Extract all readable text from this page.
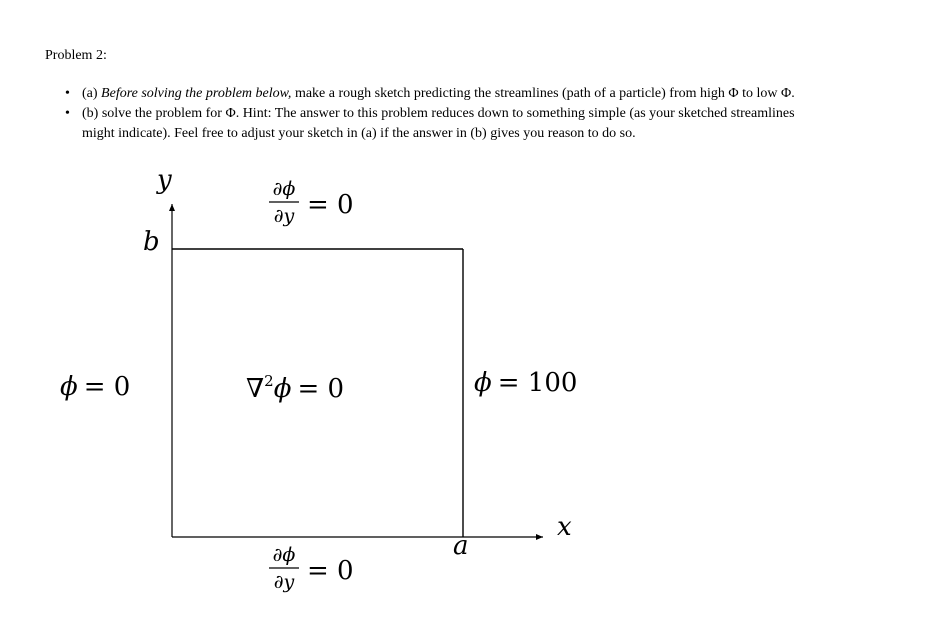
Problem 2:
• (a) Before solving the problem below, make a rough sketch predicting the streamlines (path of a particle) from high Φ to low Φ.
• (b) solve the problem for Φ. Hint: The answer to this problem reduces down to something simple (as your sketched streamlines
might indicate). Feel free to adjust your sketch in (a) if the answer in (b) gives you reason to do so.
y
x
b
a
∂ϕ
∂y = 0
∂ϕ
∂y = 0
ϕ = 0	ϕ = 100
∇$^2$ϕ = 0
